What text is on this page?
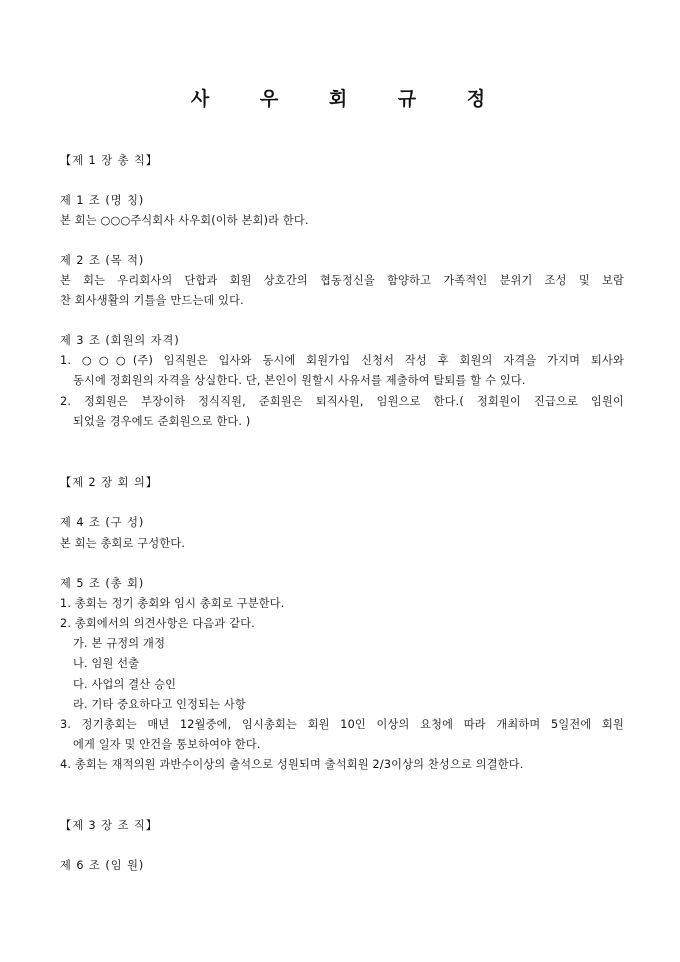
사 우 회 규 정
【제 1 장 총 칙】
제 1 조 (명 칭)
본 회는 ○○○주식회사 사우회(이하 본회)라 한다.
제 2 조 (목 적)
본 회는 우리회사의 단합과 회원 상호간의 협동정신을 함양하고 가족적인 분위기 조성 및 보람
찬 회사생활의 기틀을 만드는데 있다.
제 3 조 (회원의 자격)
1. ○○○(주) 임직원은 입사와 동시에 회원가입 신청서 작성 후 회원의 자격을 가지며 퇴사와
동시에 정회원의 자격을 상실한다. 단, 본인이 원할시 사유서를 제출하여 탈퇴를 할 수 있다.
2. 정회원은 부장이하 정식직원, 준회원은 퇴직사원, 임원으로 한다.( 정회원이 진급으로 임원이
되었을 경우에도 준회원으로 한다. )
【제 2 장 회 의】
제 4 조 (구 성)
본 회는 총회로 구성한다.
제 5 조 (총 회)
1. 총회는 정기 총회와 임시 총회로 구분한다.
2. 총회에서의 의견사항은 다음과 같다.
가. 본 규정의 개정
나. 임원 선출
다. 사업의 결산 승인
라. 기타 중요하다고 인정되는 사항
3. 정기총회는 매년 12월중에, 임시총회는 회원 10인 이상의 요청에 따라 개최하며 5일전에 회원
에게 일자 및 안건을 통보하여야 한다.
4. 총회는 재적의원 과반수이상의 출석으로 성원되며 출석회원 2/3이상의 찬성으로 의결한다.
【제 3 장 조 직】
제 6 조 (임 원)
